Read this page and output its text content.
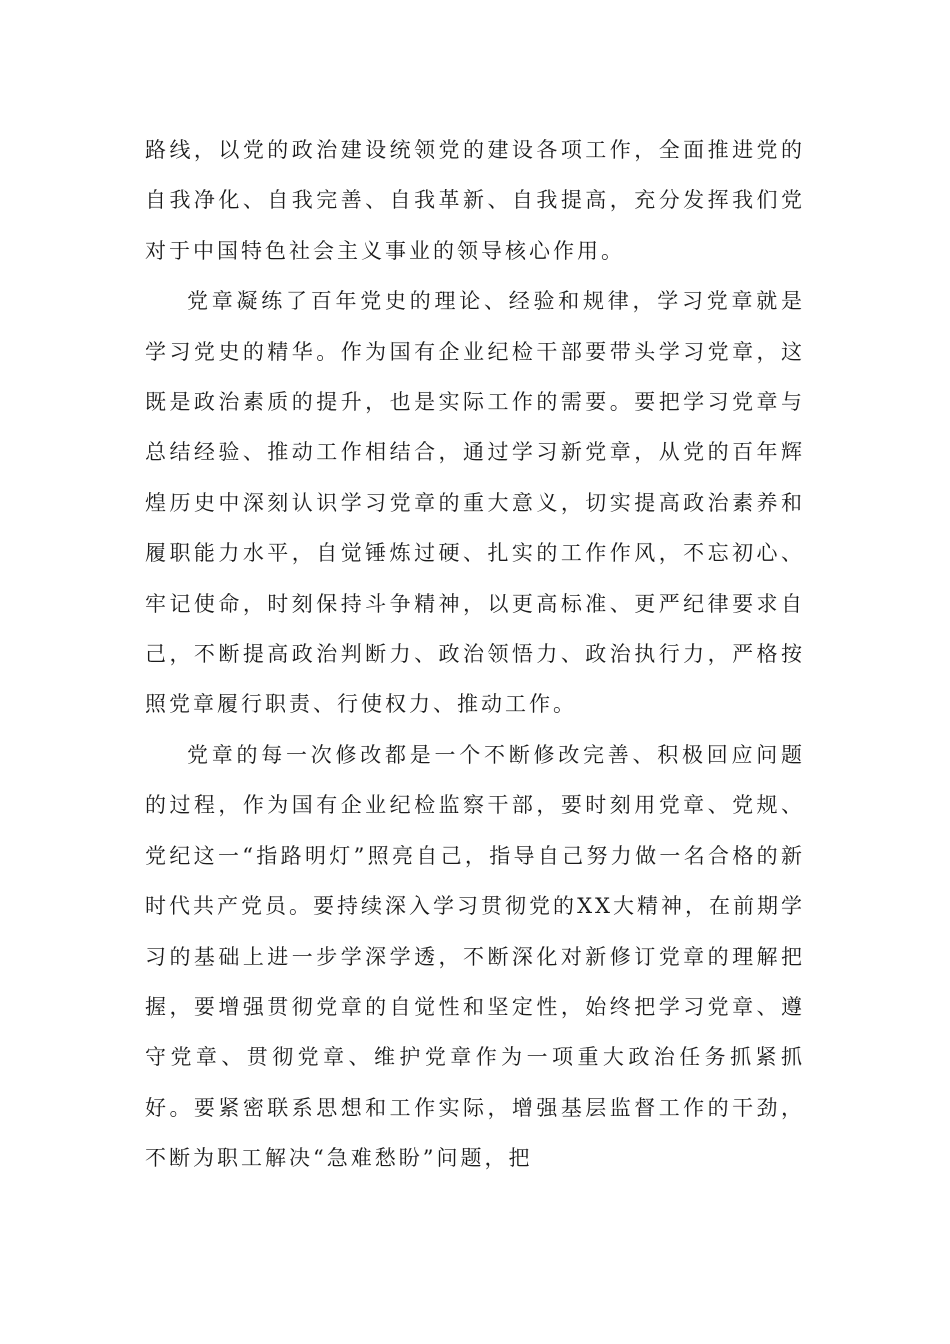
路线，以党的政治建设统领党的建设各项工作，全面推进党的自我净化、自我完善、自我革新、自我提高，充分发挥我们党对于中国特色社会主义事业的领导核心作用。

党章凝练了百年党史的理论、经验和规律，学习党章就是学习党史的精华。作为国有企业纪检干部要带头学习党章，这既是政治素质的提升，也是实际工作的需要。要把学习党章与总结经验、推动工作相结合，通过学习新党章，从党的百年辉煌历史中深刻认识学习党章的重大意义，切实提高政治素养和履职能力水平，自觉锤炼过硬、扎实的工作作风，不忘初心、牢记使命，时刻保持斗争精神，以更高标准、更严纪律要求自己，不断提高政治判断力、政治领悟力、政治执行力，严格按照党章履行职责、行使权力、推动工作。

党章的每一次修改都是一个不断修改完善、积极回应问题的过程，作为国有企业纪检监察干部，要时刻用党章、党规、党纪这一“指路明灯”照亮自己，指导自己努力做一名合格的新时代共产党员。要持续深入学习贯彻党的XX大精神，在前期学习的基础上进一步学深学透，不断深化对新修订党章的理解把握，要增强贯彻党章的自觉性和坚定性，始终把学习党章、遵守党章、贯彻党章、维护党章作为一项重大政治任务抓紧抓好。要紧密联系思想和工作实际，增强基层监督工作的干劲，不断为职工解决“急难愁盼”问题，把
